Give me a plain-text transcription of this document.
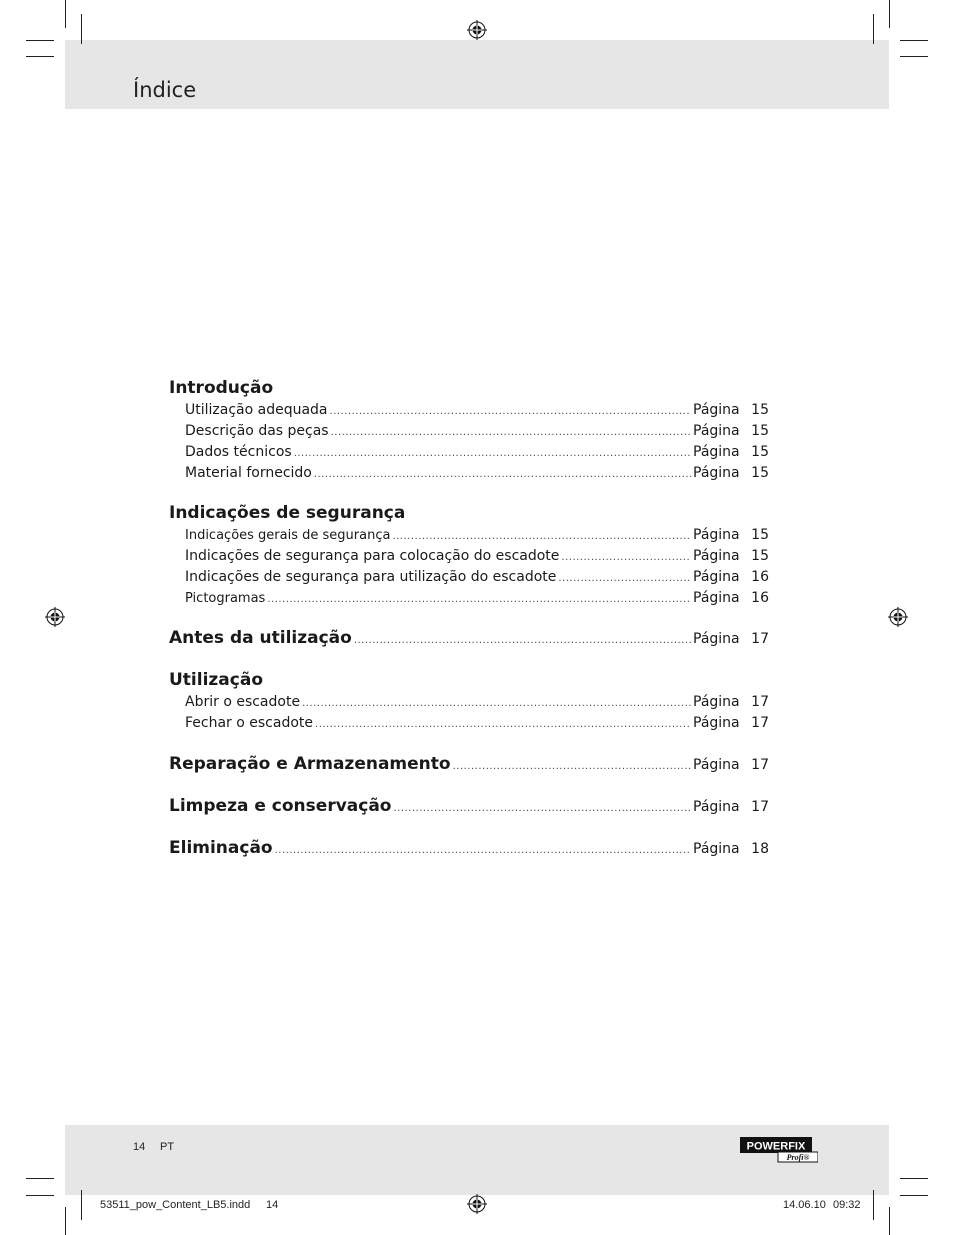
Índice
Introdução
Utilização adequada .....	Página 15
Descrição das peças .....	Página 15
Dados técnicos .....	Página 15
Material fornecido .....	Página 15
Indicações de segurança
Indicações gerais de segurança .....	Página 15
Indicações de segurança para colocação do escadote .....	Página 15
Indicações de segurança para utilização do escadote .....	Página 16
Pictogramas .....	Página 16
Antes da utilização .....	Página 17
Utilização
Abrir o escadote .....	Página 17
Fechar o escadote .....	Página 17
Reparação e Armazenamento .....	Página 17
Limpeza e conservação .....	Página 17
Eliminação .....	Página 18
14 PT	POWERFIX
Profi®
53511_pow_Content_LB5.indd 14	14.06.10 09:32
